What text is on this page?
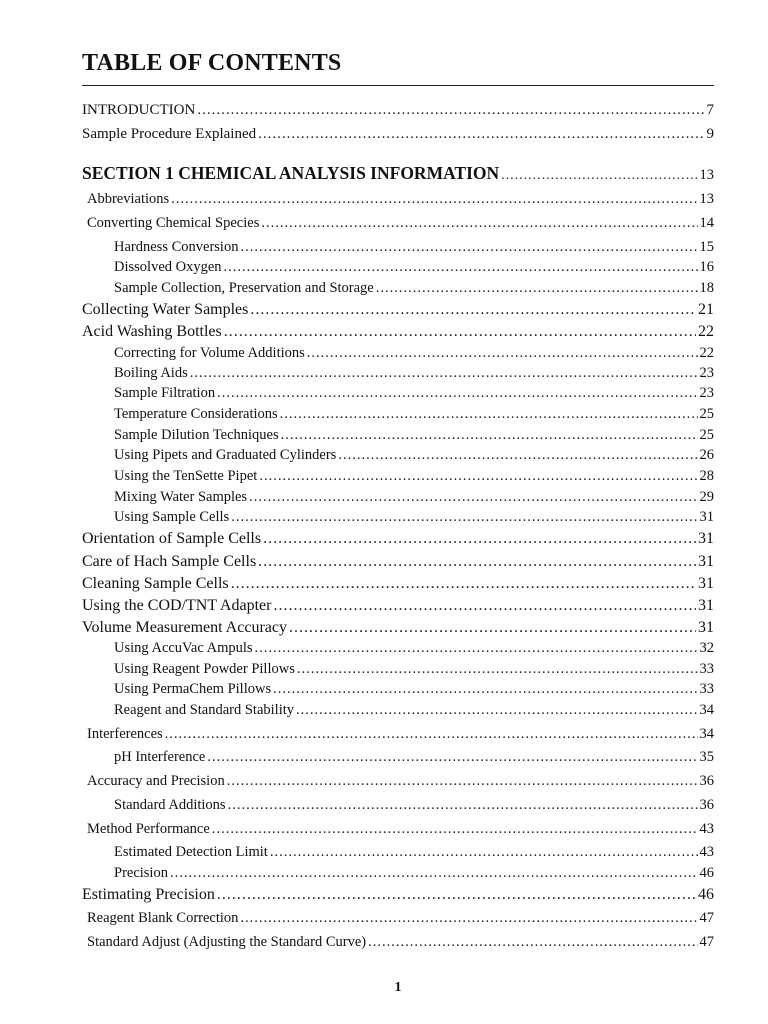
TABLE OF CONTENTS
INTRODUCTION .....	7
Sample Procedure Explained .....	9
SECTION 1 CHEMICAL ANALYSIS INFORMATION .....	13
Abbreviations .....	13
Converting Chemical Species .....	14
Hardness Conversion .....	15
Dissolved Oxygen .....	16
Sample Collection, Preservation and Storage .....	18
Collecting Water Samples .....	21
Acid Washing Bottles .....	22
Correcting for Volume Additions .....	22
Boiling Aids .....	23
Sample Filtration .....	23
Temperature Considerations .....	25
Sample Dilution Techniques .....	25
Using Pipets and Graduated Cylinders .....	26
Using the TenSette Pipet .....	28
Mixing Water Samples .....	29
Using Sample Cells .....	31
Orientation of Sample Cells .....	31
Care of Hach Sample Cells .....	31
Cleaning Sample Cells .....	31
Using the COD/TNT Adapter .....	31
Volume Measurement Accuracy .....	31
Using AccuVac Ampuls .....	32
Using Reagent Powder Pillows .....	33
Using PermaChem Pillows .....	33
Reagent and Standard Stability .....	34
Interferences .....	34
pH Interference .....	35
Accuracy and Precision .....	36
Standard Additions .....	36
Method Performance .....	43
Estimated Detection Limit .....	43
Precision .....	46
Estimating Precision .....	46
Reagent Blank Correction .....	47
Standard Adjust (Adjusting the Standard Curve) .....	47
1
